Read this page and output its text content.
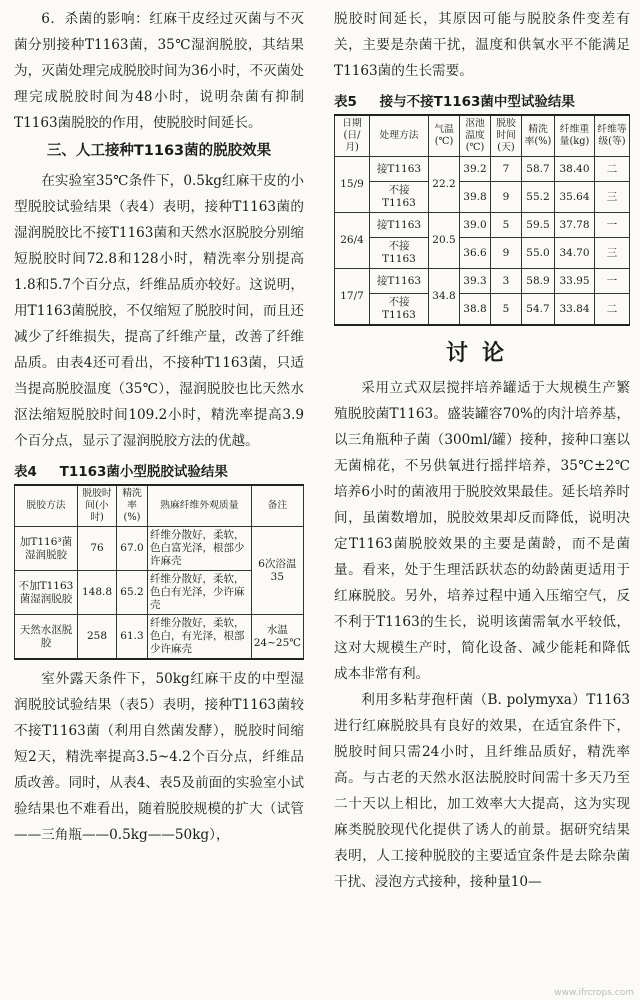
6．杀菌的影响：红麻干皮经过灭菌与不灭菌分别接种T1163菌，35℃湿润脱胶，其结果为，灭菌处理完成脱胶时间为36小时，不灭菌处理完成脱胶时间为48小时，说明杂菌有抑制T1163菌脱胶的作用，使脱胶时间延长。

三、人工接种T1163菌的脱胶效果

在实验室35℃条件下，0.5kg红麻干皮的小型脱胶试验结果（表4）表明，接种T1163菌的湿润脱胶比不接T1163菌和天然水沤脱胶分别缩短脱胶时间72.8和128小时，精洗率分别提高1.8和5.7个百分点，纤维品质亦较好。这说明，用T1163菌脱胶，不仅缩短了脱胶时间，而且还减少了纤维损失，提高了纤维产量，改善了纤维品质。由表4还可看出，不接种T1163菌，只适当提高脱胶温度（35℃），湿润脱胶也比天然水沤法缩短脱胶时间109.2小时，精洗率提高3.9个百分点，显示了湿润脱胶方法的优越。

表4 T1163菌小型脱胶试验结果
脱胶方法	脱胶时间(小时)	精洗率(%)	熟麻纤维外观质量	备注
加T116³菌湿润脱胶	76	67.0	纤维分散好，柔软，色白富光泽，根部少许麻壳	6次浴温35
不加T1163菌湿润脱胶	148.8	65.2	纤维分散好，柔软，色白有光泽，少许麻壳	
天然水沤脱胶	258	61.3	纤维分散好，柔软，色白，有光泽，根部少许麻壳	水温24~25℃

室外露天条件下，50kg红麻干皮的中型湿润脱胶试验结果（表5）表明，接种T1163菌较不接T1163菌（利用自然菌发酵），脱胶时间缩短2天，精洗率提高3.5~4.2个百分点，纤维品质改善。同时，从表4、表5及前面的实验室小试验结果也不难看出，随着脱胶规模的扩大（试管——三角瓶——0.5kg——50kg），

脱胶时间延长，其原因可能与脱胶条件变差有关，主要是杂菌干扰，温度和供氧水平不能满足T1163菌的生长需要。

表5 接与不接T1163菌中型试验结果
日期(日/月)	处理方法	气温(℃)	沤池温度(℃)	脱胶时间(天)	精洗率(%)	纤维重量(kg)	纤维等级(等)
15/9	接T1163	22.2	39.2	7	58.7	38.40	二
	不接T1163		39.8	9	55.2	35.64	三
26/4	接T1163	20.5	39.0	5	59.5	37.78	一
	不接T1163		36.6	9	55.0	34.70	三
17/7	接T1163	34.8	39.3	3	58.9	33.95	一
	不接T1163		38.8	5	54.7	33.84	二
讨论

采用立式双层搅拌培养罐适于大规模生产繁殖脱胶菌T1163。盛装罐容70%的肉汁培养基，以三角瓶种子菌（300ml/罐）接种，接种口塞以无菌棉花，不另供氧进行摇拌培养，35℃±2℃培养6小时的菌液用于脱胶效果最佳。延长培养时间，虽菌数增加，脱胶效果却反而降低，说明决定T1163菌脱胶效果的主要是菌龄，而不是菌量。看来，处于生理活跃状态的幼龄菌更适用于红麻脱胶。另外，培养过程中通入压缩空气，反不利于T1163的生长，说明该菌需氧水平较低，这对大规模生产时，简化设备、减少能耗和降低成本非常有利。

利用多粘芽孢杆菌（B. polymyxa）T1163进行红麻脱胶具有良好的效果，在适宜条件下，脱胶时间只需24小时，且纤维品质好，精洗率高。与古老的天然水沤法脱胶时间需十多天乃至二十天以上相比，加工效率大大提高，这为实现麻类脱胶现代化提供了诱人的前景。据研究结果表明，人工接种脱胶的主要适宜条件是去除杂菌干扰、浸泡方式接种，接种量10—

www.ifrcrops.com
